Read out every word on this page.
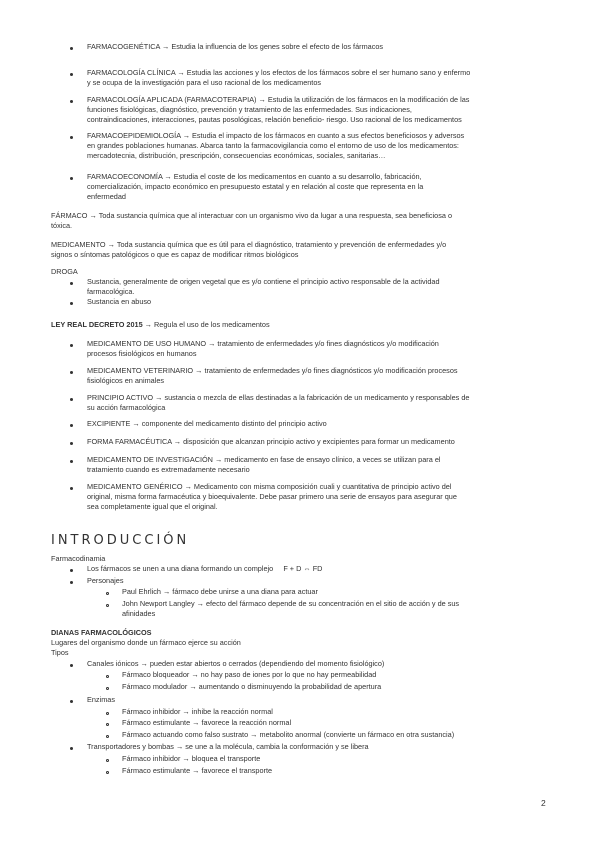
FARMACOGENÉTICA → Estudia la influencia de los genes sobre el efecto de los fármacos
FARMACOLOGÍA CLÍNICA → Estudia las acciones y los efectos de los fármacos sobre el ser humano sano y enfermo
y se ocupa de la investigación para el uso racional de los medicamentos
FARMACOLOGÍA APLICADA (FARMACOTERAPIA) → Estudia la utilización de los fármacos en la modificación de las
funciones fisiológicas, diagnóstico, prevención y tratamiento de las enfermedades. Sus indicaciones,
contraindicaciones, interacciones, pautas posológicas, relación beneficio- riesgo. Uso racional de los medicamentos
FARMACOEPIDEMIOLOGÍA → Estudia el impacto de los fármacos en cuanto a sus efectos beneficiosos y adversos
en grandes poblaciones humanas. Abarca tanto la farmacovigilancia como el entorno de uso de los medicamentos:
mercadotecnia, distribución, prescripción, consecuencias económicas, sociales, sanitarias…
FARMACOECONOMÍA → Estudia el coste de los medicamentos en cuanto a su desarrollo, fabricación,
comercialización, impacto económico en presupuesto estatal y en relación al coste que representa en la
enfermedad
FÁRMACO → Toda sustancia química que al interactuar con un organismo vivo da lugar a una respuesta, sea beneficiosa o
tóxica.
MEDICAMENTO → Toda sustancia química que es útil para el diagnóstico, tratamiento y prevención de enfermedades y/o
signos o síntomas patológicos o que es capaz de modificar ritmos biológicos
DROGA
Sustancia, generalmente de origen vegetal que es y/o contiene el principio activo responsable de la actividad
farmacológica.
Sustancia en abuso
LEY REAL DECRETO 2015 → Regula el uso de los medicamentos
MEDICAMENTO DE USO HUMANO → tratamiento de enfermedades y/o fines diagnósticos y/o modificación
procesos fisiológicos en humanos
MEDICAMENTO VETERINARIO → tratamiento de enfermedades y/o fines diagnósticos y/o modificación procesos
fisiológicos en animales
PRINCIPIO ACTIVO → sustancia o mezcla de ellas destinadas a la fabricación de un medicamento y responsables de
su acción farmacológica
EXCIPIENTE → componente del medicamento distinto del principio activo
FORMA FARMACÉUTICA → disposición que alcanzan principio activo y excipientes para formar un medicamento
MEDICAMENTO DE INVESTIGACIÓN → medicamento en fase de ensayo clínico, a veces se utilizan para el
tratamiento cuando es extremadamente necesario
MEDICAMENTO GENÉRICO → Medicamento con misma composición cuali y cuantitativa de principio activo del
original, misma forma farmacéutica y bioequivalente. Debe pasar primero una serie de ensayos para asegurar que
sea completamente igual que el original.
INTRODUCCIÓN
Farmacodinamia
Los fármacos se unen a una diana formando un complejo     F + D ⇔ FD
Personajes
Paul Ehrlich → fármaco debe unirse a una diana para actuar
John Newport Langley → efecto del fármaco depende de su concentración en el sitio de acción y de sus
afinidades
DIANAS FARMACOLÓGICOS
Lugares del organismo donde un fármaco ejerce su acción
Tipos
Canales iónicos → pueden estar abiertos o cerrados (dependiendo del momento fisiológico)
Fármaco bloqueador → no hay paso de iones por lo que no hay permeabilidad
Fármaco modulador → aumentando o disminuyendo la probabilidad de apertura
Enzimas
Fármaco inhibidor → inhibe la reacción normal
Fármaco estimulante → favorece la reacción normal
Fármaco actuando como falso sustrato → metabolito anormal (convierte un fármaco en otra sustancia)
Transportadores y bombas → se une a la molécula, cambia la conformación y se libera
Fármaco inhibidor → bloquea el transporte
Fármaco estimulante → favorece el transporte
2
